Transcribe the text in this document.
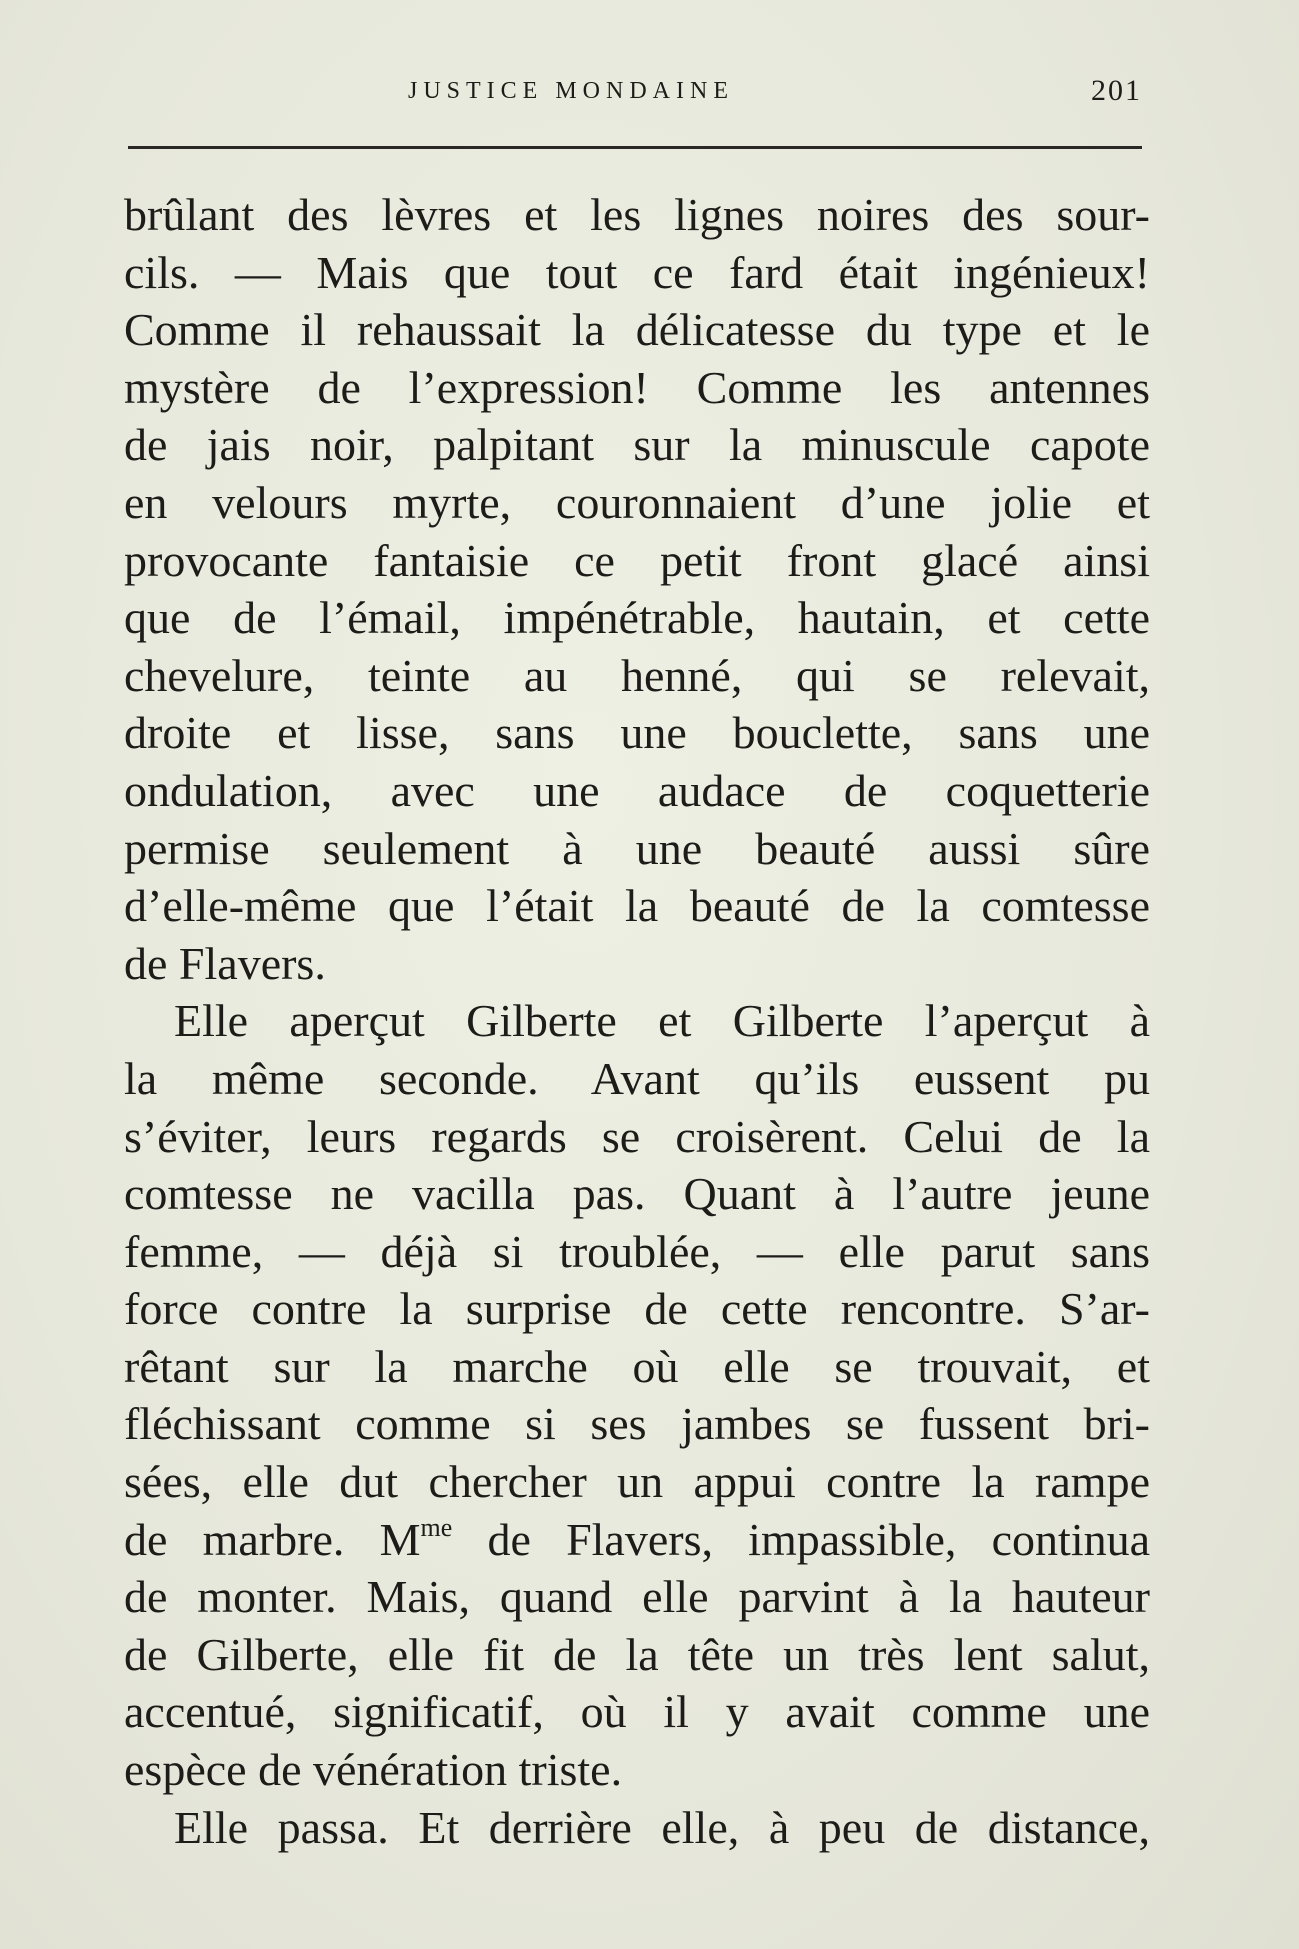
JUSTICE MONDAINE	201
brûlant des lèvres et les lignes noires des sour-
cils. — Mais que tout ce fard était ingénieux!
Comme il rehaussait la délicatesse du type et le
mystère de l’expression! Comme les antennes
de jais noir, palpitant sur la minuscule capote
en velours myrte, couronnaient d’une jolie et
provocante fantaisie ce petit front glacé ainsi
que de l’émail, impénétrable, hautain, et cette
chevelure, teinte au henné, qui se relevait,
droite et lisse, sans une bouclette, sans une
ondulation, avec une audace de coquetterie
permise seulement à une beauté aussi sûre
d’elle-même que l’était la beauté de la comtesse
de Flavers.
Elle aperçut Gilberte et Gilberte l’aperçut à
la même seconde. Avant qu’ils eussent pu
s’éviter, leurs regards se croisèrent. Celui de la
comtesse ne vacilla pas. Quant à l’autre jeune
femme, — déjà si troublée, — elle parut sans
force contre la surprise de cette rencontre. S’ar-
rêtant sur la marche où elle se trouvait, et
fléchissant comme si ses jambes se fussent bri-
sées, elle dut chercher un appui contre la rampe
de marbre. $M^{me}$ de Flavers, impassible, continua
de monter. Mais, quand elle parvint à la hauteur
de Gilberte, elle fit de la tête un très lent salut,
accentué, significatif, où il y avait comme une
espèce de vénération triste.
Elle passa. Et derrière elle, à peu de distance,
